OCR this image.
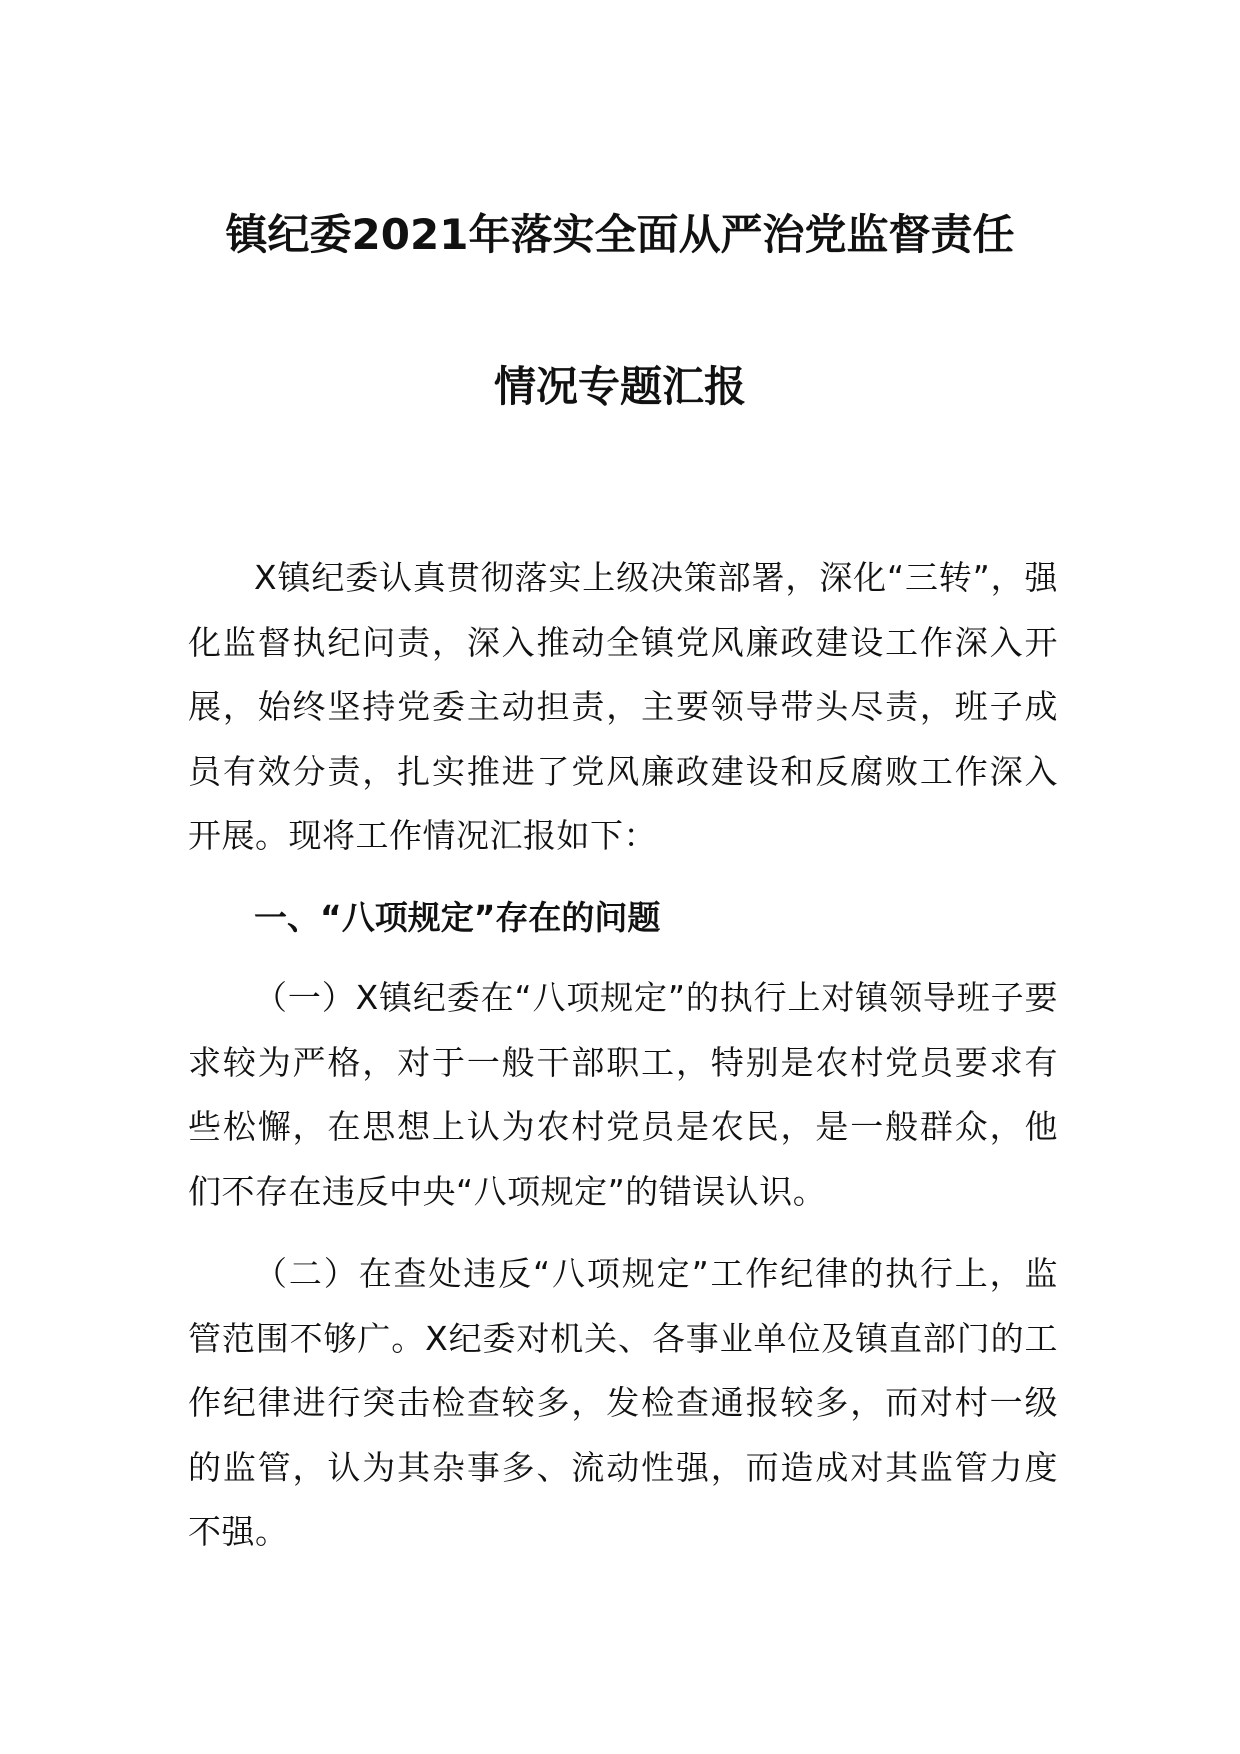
镇纪委2021年落实全面从严治党监督责任
情况专题汇报

X镇纪委认真贯彻落实上级决策部署，深化“三转”，强化监督执纪问责，深入推动全镇党风廉政建设工作深入开展，始终坚持党委主动担责，主要领导带头尽责，班子成员有效分责，扎实推进了党风廉政建设和反腐败工作深入开展。现将工作情况汇报如下：

一、“八项规定”存在的问题

（一）X镇纪委在“八项规定”的执行上对镇领导班子要求较为严格，对于一般干部职工，特别是农村党员要求有些松懈，在思想上认为农村党员是农民，是一般群众，他们不存在违反中央“八项规定”的错误认识。

（二）在查处违反“八项规定”工作纪律的执行上，监管范围不够广。X纪委对机关、各事业单位及镇直部门的工作纪律进行突击检查较多，发检查通报较多，而对村一级的监管，认为其杂事多、流动性强，而造成对其监管力度不强。
